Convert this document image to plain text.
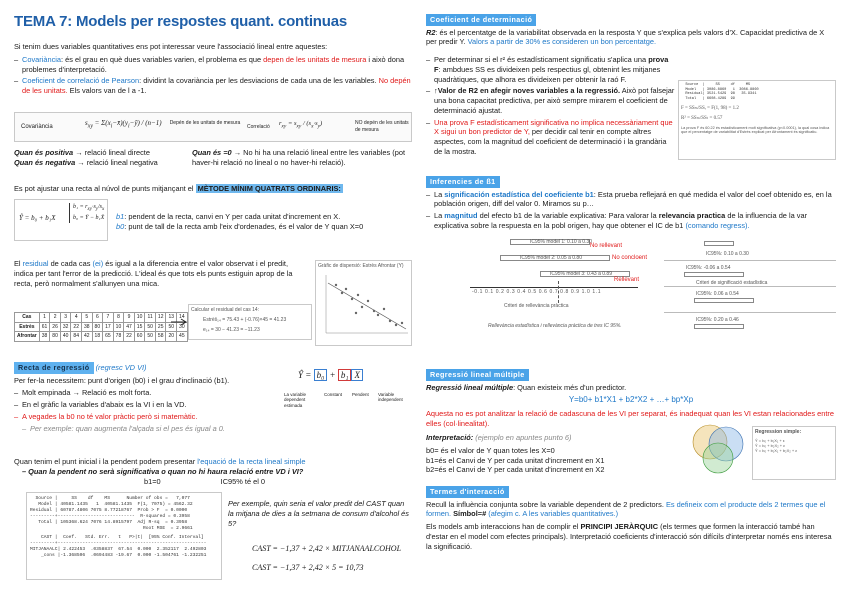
TEMA 7: Models per respostes quant. continuas

Si tenim dues variables quantitatives ens pot interessar veure l'associació lineal entre aquestes:

– Covariància: és el grau en què dues variables varien, el problema es que depen de les unitats de mesura i això dona problemes d'interpretació.
– Coeficient de correlació de Pearson: dividint la covariància per les desviacions de cada una de les variables. No depén de les unitats. Els valors van de l a -1.
Covariància	$s_{xy}$ = $\Sigma(x_i-x̄)(y_i-ȳ) / (n-1)$	Depén de les unitats de mesura
Correlació $r_{xy} = s_{xy} / (s_x\cdot s_y)$	NO depén de les unitats de mesura
Quan és positiva → relació lineal directe
Quan és negativa → relació lineal negativa
Quan és =0 → No hi ha una relació lineal entre les variables (pot haver-hi relació no lineal o no haver-hi relació).
Es pot ajustar una recta al núvol de punts mitjançant el MÈTODE MÍNIM QUATRATS ORDINARIS:
Ŷ = b₀ + b₁X
$b_1 = r_{xy}\cdot s_y/s_x$
b₀ = Ȳ − b₁X̄ b1: pendent de la recta, canvi en Y per cada unitat d'increment en X.
b0: punt de tall de la recta amb l'eix d'ordenades, és el valor de Y quan X=0
El residual de cada cas (ei) és igual a la diferencia entre el valor observat i el predit, indica per tant l'error de la predicció. L'ideal és que tots els punts estiguin aprop de la recta, però normalment s'allunyen una mica.
Gràfic de dispersió: Estrès Afrontar (Y)
Cas	1	2	3	4	5	6	7	8	9	10	11	12	13	14
Estrès	61	26	32	22	38	80	17	10	47	15	50	25	50	30
Afrontar	38	80	40	84	42	18	65	78	22	60	50	58	20	45
Calcular el residual del cas 14:
Estrèŝ₁₄ = 75.43 + (-0.76)×45 = 41.23
e₁₄ = 30 − 41.23 = −11.23
Recta de regressió (regresc VD VI)

Per fer-la necessitem: punt d'origen (b0) i el grau d'inclinació (b1).

– Molt empinada → Relació es molt forta.
– En el gràfic la variables d'abaix es la VI i en la VD.
– A vegades la b0 no té valor pràctic però si matemàtic.
– Per exemple: quan augmenta l'alçada si el pes és igual a 0.
Ŷ = b₀ + b₁ X
La variable dependent estimada
Constant Pendent Variable independent
Quan tenim el punt inicial i la pendent podem presentar l'equació de la recta lineal simple
– Quan la pendent no serà significativa o quan no hi haura relació entre VD i VI?
b1=0	IC95% té el 0
Source |     SS    df    MS      Number of obs =   7,077
Model | 40581.1435   1  40581.1435  F(1, 7075) = 4562.32
Residual | 60787.4806 7075 8.77218767  Prob > F  = 0.0000
---------+----------------------------  R-squared = 0.3958
Total | 105368.624 7076 14.8915797  Adj R-sq  = 0.3958
Root MSE  = 2.9661
CAST |  Coef.   Std. Err.   t   P>|t|  [95% Conf. Interval]
---------+------------------------------------------------------
MITJANAALC| 2.422453  .0358837  67.54  0.000  2.352117  2.492803
_cons |-1.368506  .0694483 -19.67  0.000 -1.504761 -1.232251
Per exemple, quin seria el valor predit del CAST quan la mitjana de dies a la setmana de consum d'alcohol és 5?
CAST = −1,37 + 2,42 × MITJANAALCOHOL
CAST = −1,37 + 2,42 × 5 = 10,73
Coeficient de determinació

R2: és el percentatge de la variabilitat observada en la resposta Y que s'explica pels valors d'X. Capacidat predictiva de X per predir Y. Valors a partir de 30% es consideren un bon percentatge.

– Per determinar si el r² és estadísticament significatiu s'aplica una prova F: ambdues SS es divideixen pels respectius gl, obtenint les mitjanes quadràtiques, que alhora es divideixen per obtenir la raó F.
– ↑Valor de R2 en afegir noves variables a la regressió. Això pot falsejar una bona capacitat predictiva, per això sempre mirarem el coeficient de determinació ajustat.
– Una prova F estadísticament significativa no implica necessàriament que X sigui un bon predictor de Y, per decidir cal tenir en compte altres aspectes, com la magnitud del coeficient de determinació i la grandària de la mostra.
Source  |     SS     df     MS
Model   | 3086.8860   1  3086.8860
Residual| 3521.5429  98   35.9341
Total   | 6608.4289  99
F = SSₘ/SSᵣ = F(1, 98) = 1.2
R² = SSₘ/SSₜ = 0.57
La prova F és 60.22 és estadísticament molt significativa (p<0.0001), la qual cosa indica que el percentatge de variabilitat d'Estrès explicat per Afrontament és significatiu.
Inferencies de ß1
– La significación estadística del coeficiente b1: Esta prueba reflejará en qué medida el valor del coef obtenido es, en la población origen, diff del valor 0. Miramos su p…
– La magnitud del efecto b1 de la variable explicativa: Para valorar la relevancia practica de la influencia de la var explicativa sobre la respuesta en la pobl origen, hay que obtener el IC de b1 (comando regress).
IC95% model 1: 0.10 a 0.30
IC95% model 2: 0.05 a 0.80
IC95% model 3: 0.43 a 0.89
No rellevant
No concloent
Rellevant
-0.1 0.1 0.2 0.3 0.4 0.5 0.6 0.7 0.8 0.9 1.0 1.1
Criteri de rellevància pràctica
Rellevància estadística i rellevància pràctica de tres IC 95%.
IC95%: 0.10 a 0.30
IC95%: -0.06 a 0.54
Criteri de significació estadística
IC95%: 0.06 a 0.54
IC95%: 0.20 a 0.46
Regressió lineal múltiple

Regressió lineal múltiple: Quan existeix més d'un predictor.

Y=b0+ b1*X1 + b2*X2 + …+ bp*Xp

Aquesta no es pot analitzar la relació de cadascuna de les VI per separat, és inadequat quan les VI estan relacionades entre elles (col·linealitat).

Interpretació: (ejemplo en apuntes punto 6)

b0= és el valor de Y quan totes les X=0
b1=és el Canvi de Y per cada unitat d'increment en X1
b2=és el Canvi de Y per cada unitat d'increment en X2
Regression simple:
Ŷ = b₀ + b₁X₁ + ε
Ŷ = b₀ + b₂X₂ + ε
Ŷ = b₀ + b₁X₁ + b₂X₂ + ε
Termes d'interacció

Recull la influència conjunta sobre la variable dependent de 2 predictors. Es defineix com el producte dels 2 termes que el formen. Símbol=# (afegim c. A les variables quantitatives.)

Els models amb interaccions han de complir el PRINCIPI JERÀRQUIC (els termes que formen la interacció també han d'estar en el model com efectes principals). Interpretació coeficients d'interacció són difícils d'interpretar només ens interesa la significació.
